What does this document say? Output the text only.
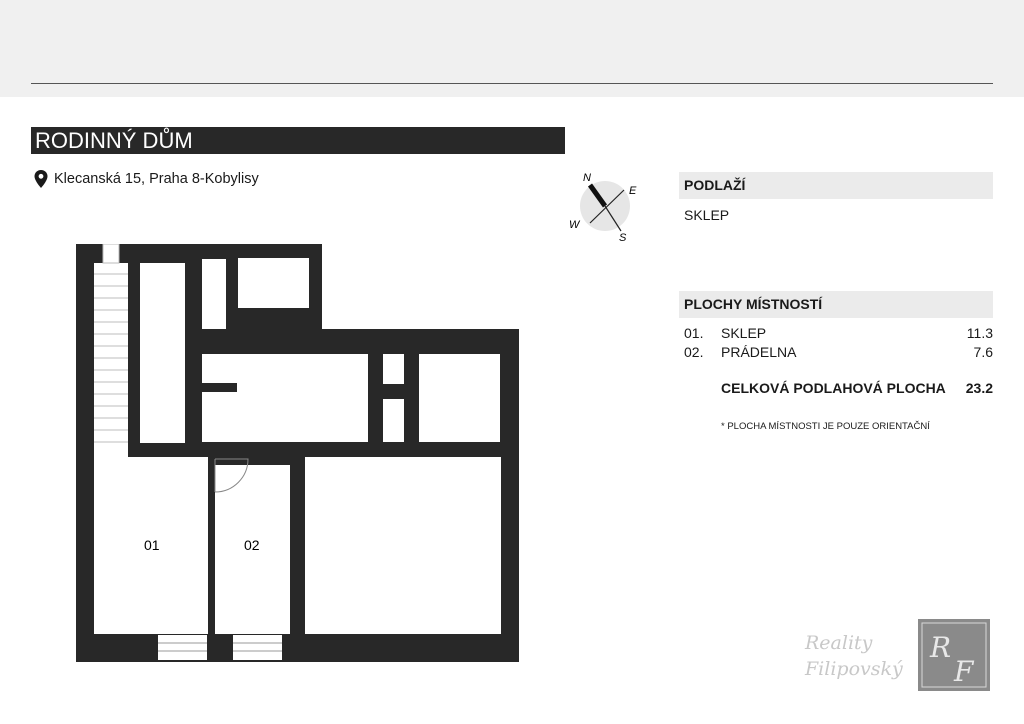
RODINNÝ DŮM
Klecanská 15, Praha 8-Kobylisy	N
E
S
W
PODLAŽÍ
SKLEP
PLOCHY MÍSTNOSTÍ
01. SKLEP	11.3
02. PRÁDELNA	7.6
CELKOVÁ PODLAHOVÁ PLOCHA 23.2
* PLOCHA MÍSTNOSTI JE POUZE ORIENTAČNÍ
01	02
Reality
Filipovský
R
F
